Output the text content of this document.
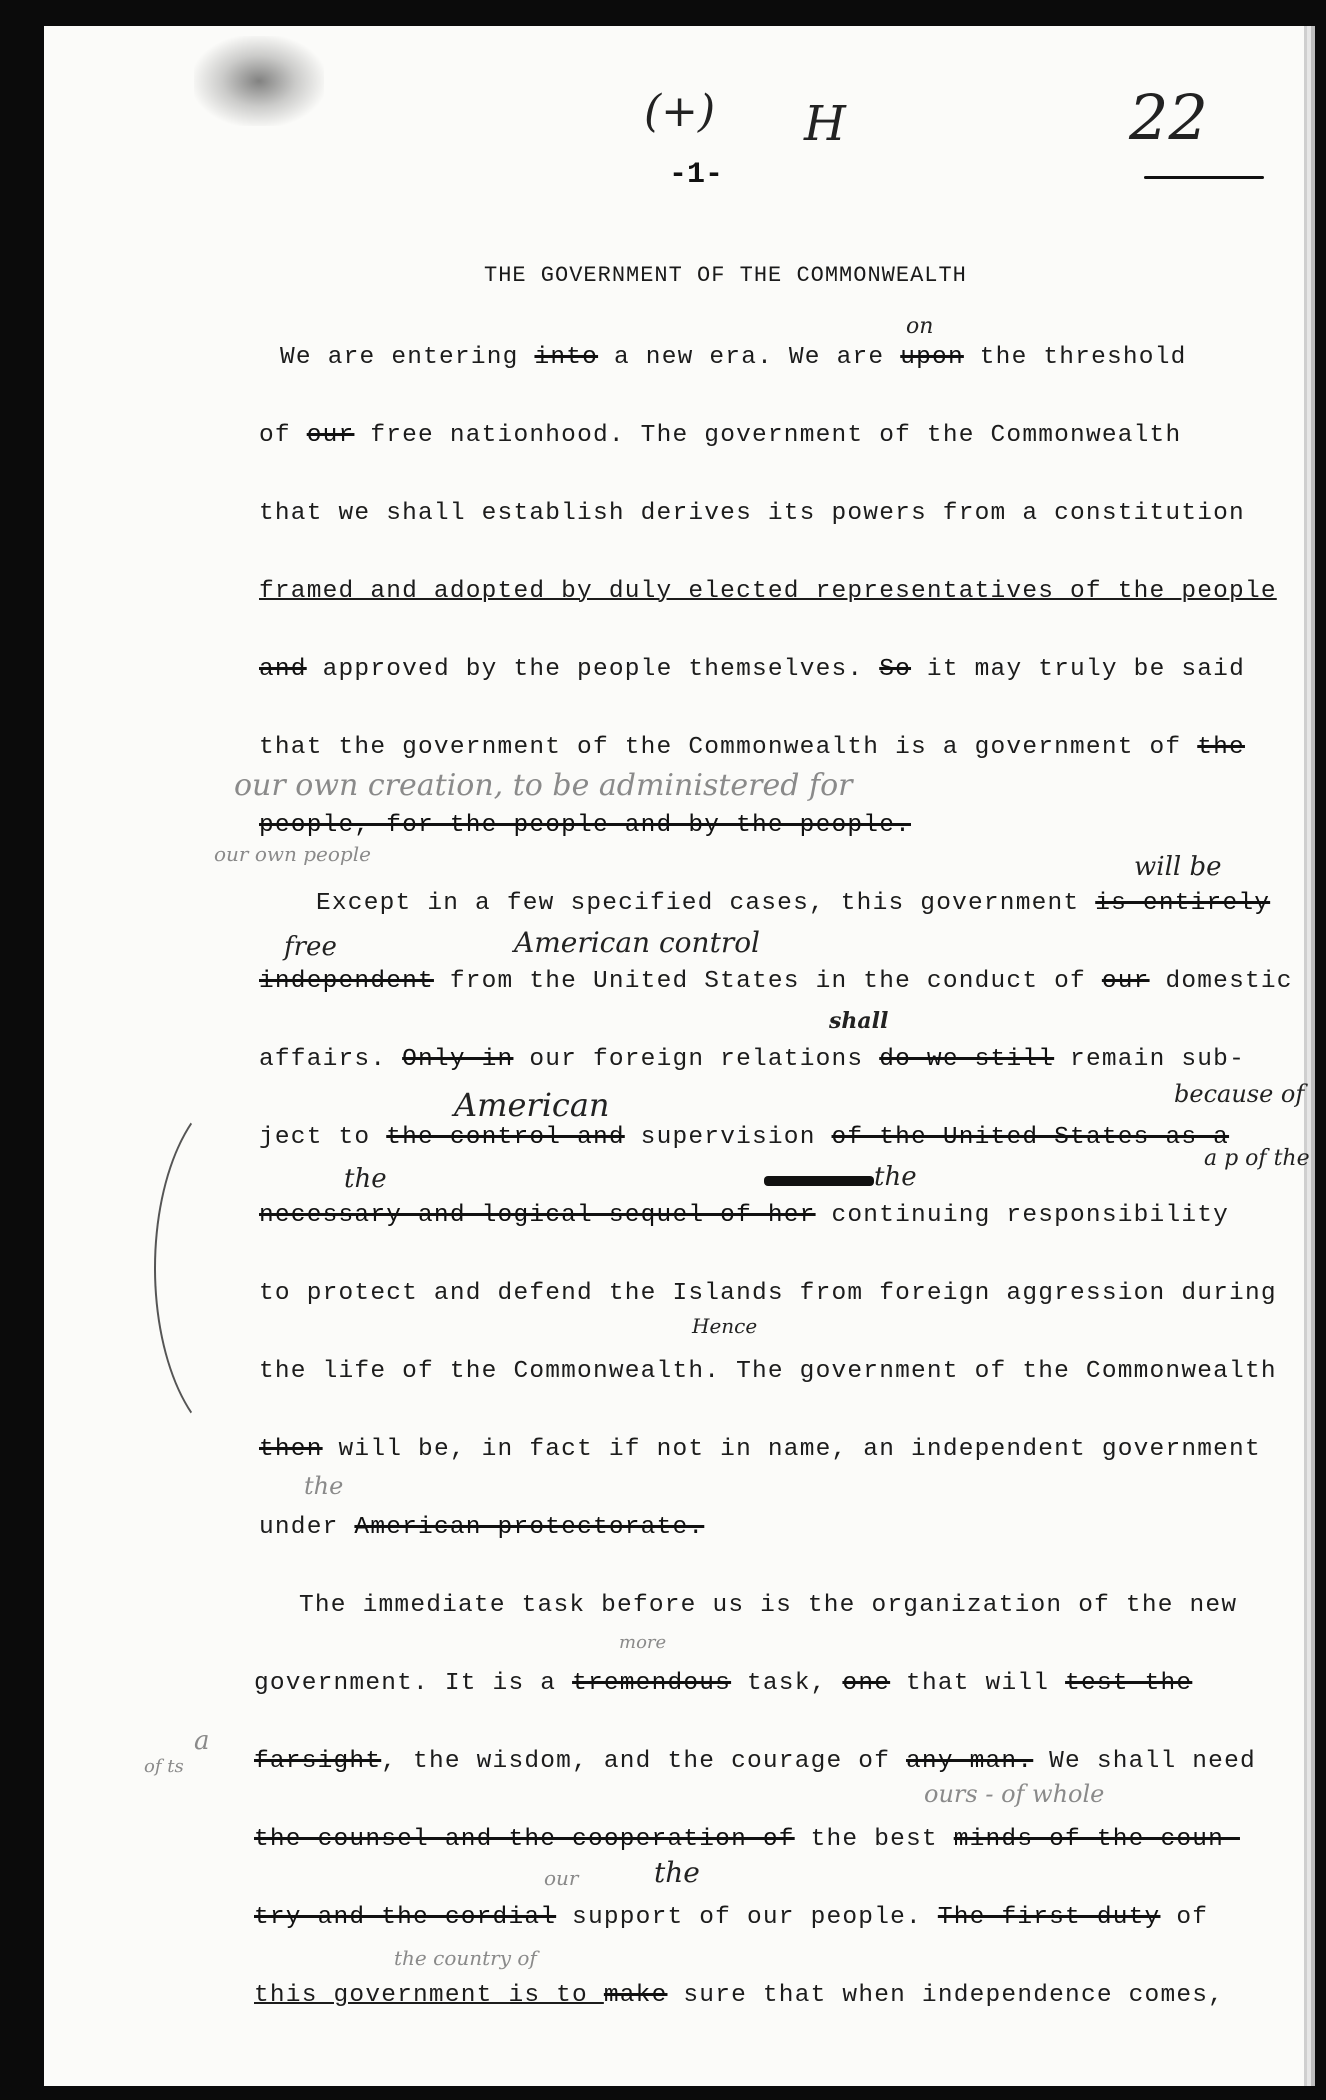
(+) H	22
-1-
THE GOVERNMENT OF THE COMMONWEALTH
on
We are entering into a new era. We are upon the threshold
of our free nationhood. The government of the Commonwealth
that we shall establish derives its powers from a constitution
framed and adopted by duly elected representatives of the people
and approved by the people themselves. So it may truly be said
that the government of the Commonwealth is a government of the
our own creation, to be administered for
people, for the people and by the people.
our own people	will be
Except in a few specified cases, this government is entirely
free	American control
independent from the United States in the conduct of our domestic
shall
affairs. Only in our foreign relations do we still remain sub-
American	because of
ject to the control and supervision of the United States as a
a p of the
the	the
necessary and logical sequel of her continuing responsibility
to protect and defend the Islands from foreign aggression during
Hence
the life of the Commonwealth. The government of the Commonwealth
then will be, in fact if not in name, an independent government
the
under American protectorate.
The immediate task before us is the organization of the new
more
government. It is a tremendous task, one that will test the
a
of ts	farsight, the wisdom, and the courage of any man. We shall need
ours - of whole
the counsel and the cooperation of the best minds of the coun-
our	the
try and the cordial support of our people. The first duty of
the country of
this government is to make sure that when independence comes,
